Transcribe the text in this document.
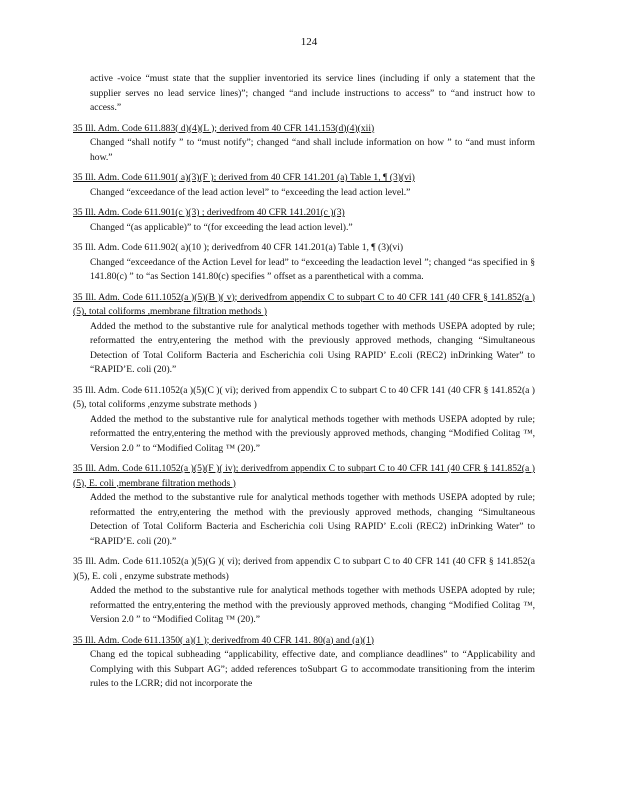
124
active -voice “must state that the supplier inventoried its service lines (including if only a statement that the supplier serves no lead service lines)”; changed “and include instructions to access” to “and instruct how to access.”
35 Ill. Adm. Code 611.883( d)(4)(L ); derived from 40 CFR 141.153(d)(4)(xii)
Changed “shall notify ” to “must notify”; changed “and shall include information on how ” to “and must inform how.”
35 Ill. Adm. Code 611.901( a)(3)(F ); derived from 40 CFR 141.201 (a) Table 1, ¶ (3)(vi)
Changed “exceedance of the lead action level” to “exceeding the lead action level.”
35 Ill. Adm. Code 611.901(c )(3) ; derivedfrom 40 CFR 141.201(c )(3)
Changed “(as applicable)” to “(for exceeding the lead action level).”
35 Ill. Adm. Code 611.902( a)(10 ); derivedfrom 40 CFR 141.201(a) Table 1, ¶ (3)(vi)
Changed “exceedance of the Action Level for lead” to “exceeding the leadaction level ”; changed “as specified in § 141.80(c) ” to “as Section 141.80(c) specifies ” offset as a parenthetical with a comma.
35 Ill. Adm. Code 611.1052(a )(5)(B )( v); derivedfrom appendix C to subpart C to 40 CFR 141 (40 CFR § 141.852(a )(5), total coliforms ,membrane filtration methods )
Added the method to the substantive rule for analytical methods together with methods USEPA adopted by rule; reformatted the entry,entering the method with the previously approved methods, changing “Simultaneous Detection of Total Coliform Bacteria and Escherichia coli Using RAPID’ E.coli (REC2) inDrinking Water” to “RAPID’E. coli (20).”
35 Ill. Adm. Code 611.1052(a )(5)(C )( vi); derived from appendix C to subpart C to 40 CFR 141 (40 CFR § 141.852(a )(5), total coliforms ,enzyme substrate methods )
Added the method to the substantive rule for analytical methods together with methods USEPA adopted by rule; reformatted the entry,entering the method with the previously approved methods, changing “Modified Colitag ™, Version 2.0 ” to “Modified Colitag ™ (20).”
35 Ill. Adm. Code 611.1052(a )(5)(F )( iv); derivedfrom appendix C to subpart C to 40 CFR 141 (40 CFR § 141.852(a )(5), E. coli ,membrane filtration methods )
Added the method to the substantive rule for analytical methods together with methods USEPA adopted by rule; reformatted the entry,entering the method with the previously approved methods, changing “Simultaneous Detection of Total Coliform Bacteria and Escherichia coli Using RAPID’ E.coli (REC2) inDrinking Water” to “RAPID’E. coli (20).”
35 Ill. Adm. Code 611.1052(a )(5)(G )( vi); derived from appendix C to subpart C to 40 CFR 141 (40 CFR § 141.852(a )(5), E. coli , enzyme substrate methods)
Added the method to the substantive rule for analytical methods together with methods USEPA adopted by rule; reformatted the entry,entering the method with the previously approved methods, changing “Modified Colitag ™, Version 2.0 ” to “Modified Colitag ™ (20).”
35 Ill. Adm. Code 611.1350( a)(1 ); derivedfrom 40 CFR 141. 80(a) and (a)(1)
Chang ed the topical subheading “applicability, effective date, and compliance deadlines” to “Applicability and Complying with this Subpart AG”; added references toSubpart G to accommodate transitioning from the interim rules to the LCRR; did not incorporate the
